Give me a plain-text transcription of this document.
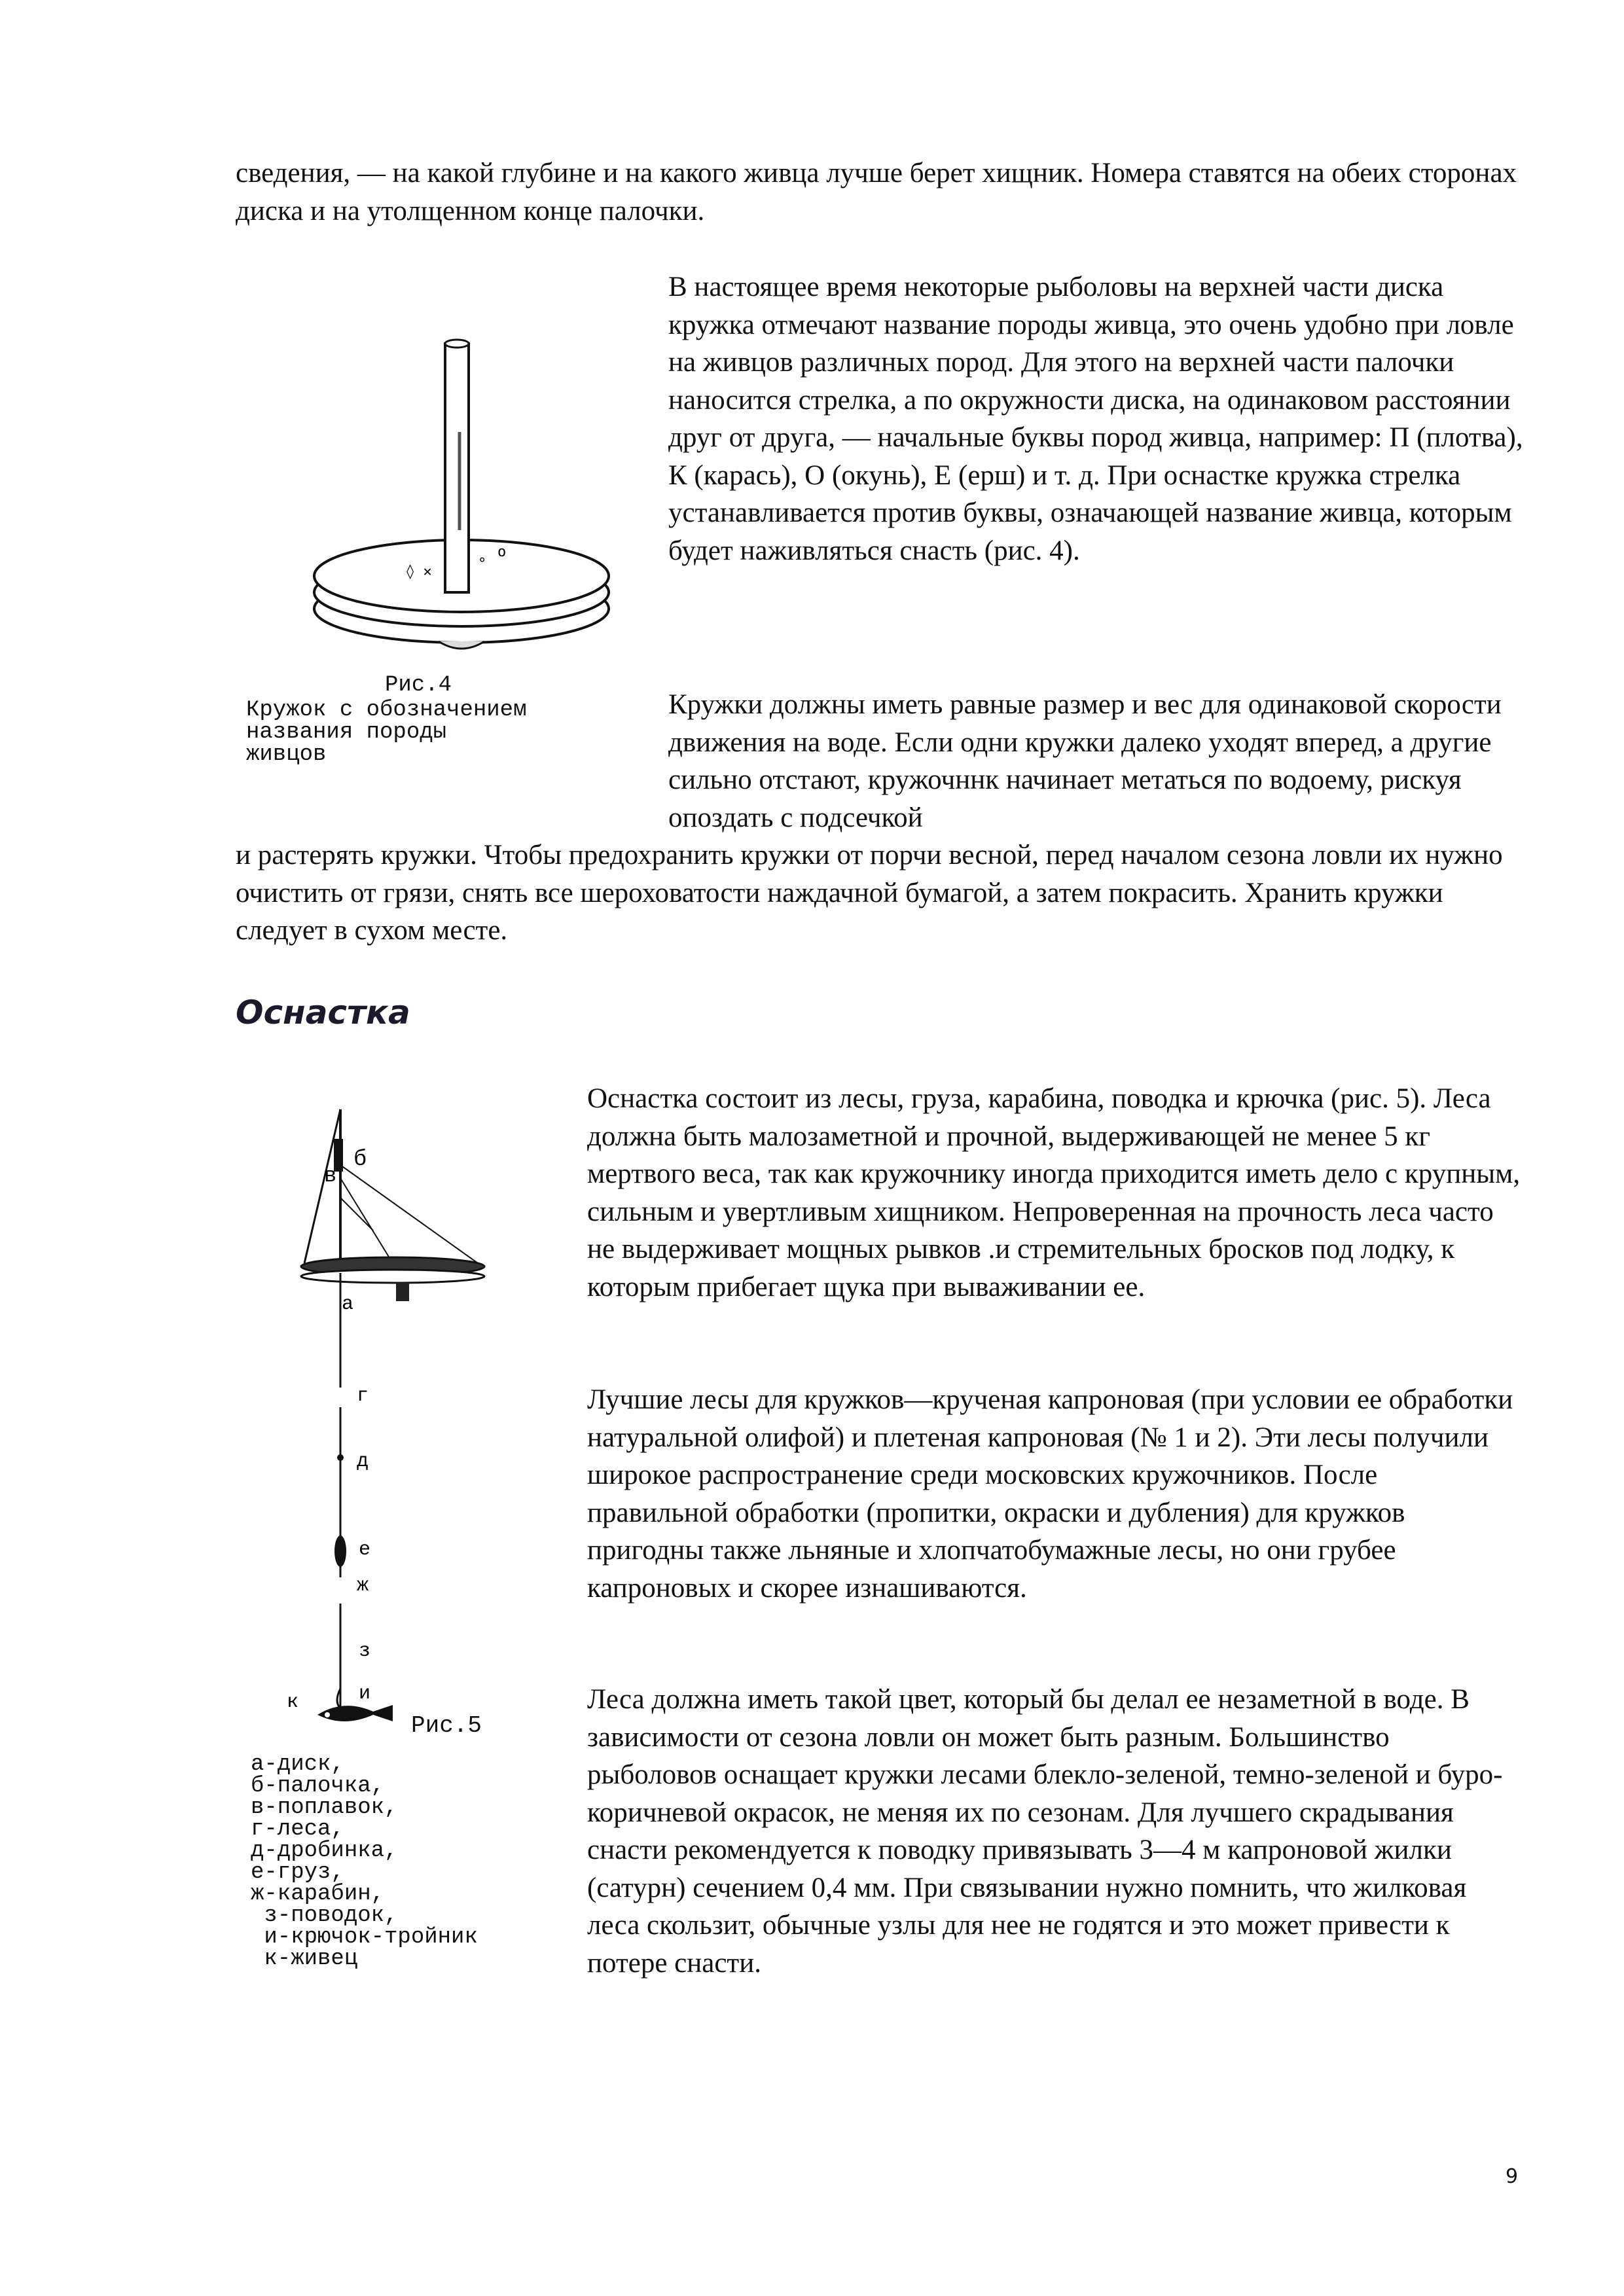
сведения, — на какой глубине и на какого живца лучше берет хищник. Номера ставятся на обеих сторонах диска и на утолщенном конце палочки.

◊ ✕
∘ о
Рис.4
Кружок с обозначением
названия породы
живцов

В настоящее время некоторые рыболовы на верхней части диска кружка отмечают название породы живца, это очень удобно при ловле на живцов различных пород. Для этого на верхней части палочки наносится стрелка, а по окружности диска, на одинаковом расстоянии друг от друга, — начальные буквы пород живца, например: П (плотва), К (карась), О (окунь), Е (ерш) и т. д. При оснастке кружка стрелка устанавливается против буквы, означающей название живца, которым будет наживляться снасть (рис. 4).

Кружки должны иметь равные размер и вес для одинаковой скорости движения на воде. Если одни кружки далеко уходят вперед, а другие сильно отстают, кружочннк начинает метаться по водоему, рискуя опоздать с подсечкой

и растерять кружки. Чтобы предохранить кружки от порчи весной, перед началом сезона ловли их нужно очистить от грязи, снять все шероховатости наждачной бумагой, а затем покрасить. Хранить кружки следует в сухом месте.

Оснастка
в
б
а
г
д
е
ж
з
и
к
Рис.5
а-диск,
б-палочка,
в-поплавок,
г-леса,
д-дробинка,
е-груз,
ж-карабин,
з-поводок,
и-крючок-тройник
к-живец

Оснастка состоит из лесы, груза, карабина, поводка и крючка (рис. 5). Леса должна быть малозаметной и прочной, выдерживающей не менее 5 кг мертвого веса, так как кружочнику иногда приходится иметь дело с крупным, сильным и увертливым хищником. Непроверенная на прочность леса часто не выдерживает мощных рывков .и стремительных бросков под лодку, к которым прибегает щука при вываживании ее.

Лучшие лесы для кружков—крученая капроновая (при условии ее обработки натуральной олифой) и плетеная капроновая (№ 1 и 2). Эти лесы получили широкое распространение среди московских кружочников. После правильной обработки (пропитки, окраски и дубления) для кружков пригодны также льняные и хлопчатобумажные лесы, но они грубее капроновых и скорее изнашиваются.

Леса должна иметь такой цвет, который бы делал ее незаметной в воде. В зависимости от сезона ловли он может быть разным. Большинство рыболовов оснащает кружки лесами блекло-зеленой, темно-зеленой и буро-коричневой окрасок, не меняя их по сезонам. Для лучшего скрадывания снасти рекомендуется к поводку привязывать 3—4 м капроновой жилки (сатурн) сечением 0,4 мм. При связывании нужно помнить, что жилковая леса скользит, обычные узлы для нее не годятся и это может привести к потере снасти.

9
